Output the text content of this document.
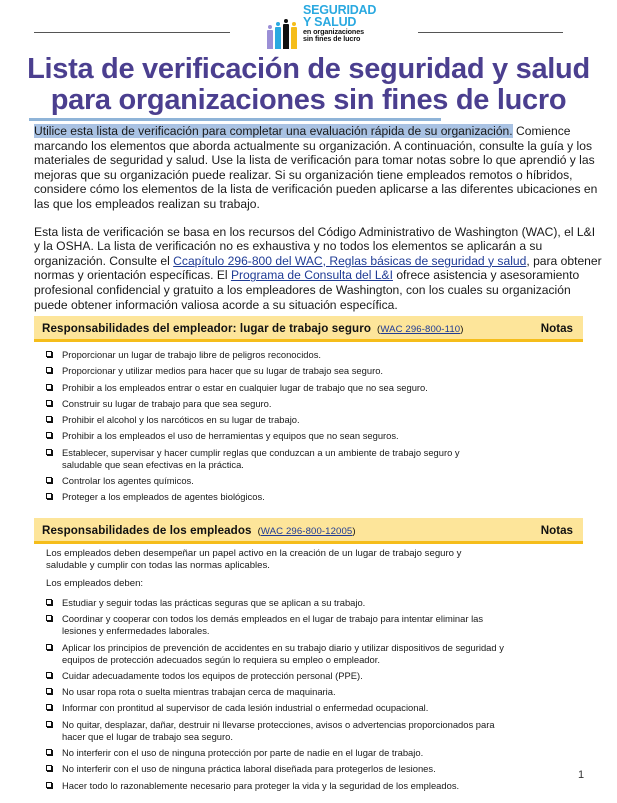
SEGURIDAD
Y SALUD
en organizaciones
sin fines de lucro
Lista de verificación de seguridad y salud
para organizaciones sin fines de lucro

Utilice esta lista de verificación para completar una evaluación rápida de su organización. Comience marcando los elementos que aborda actualmente su organización. A continuación, consulte la guía y los materiales de seguridad y salud. Use la lista de verificación para tomar notas sobre lo que aprendió y las mejoras que su organización puede realizar. Si su organización tiene empleados remotos o híbridos, considere cómo los elementos de la lista de verificación pueden aplicarse a las diferentes ubicaciones en las que los empleados realizan su trabajo.

Esta lista de verificación se basa en los recursos del Código Administrativo de Washington (WAC), el L&I y la OSHA. La lista de verificación no es exhaustiva y no todos los elementos se aplicarán a su organización. Consulte el Ccapítulo 296-800 del WAC, Reglas básicas de seguridad y salud, para obtener normas y orientación específicas. El Programa de Consulta del L&I ofrece asistencia y asesoramiento profesional confidencial y gratuito a los empleadores de Washington, con los cuales su organización puede obtener información valiosa acorde a su situación específica.

Responsabilidades del empleador: lugar de trabajo seguro (WAC 296-800-110)	Notas
Proporcionar un lugar de trabajo libre de peligros reconocidos.
Proporcionar y utilizar medios para hacer que su lugar de trabajo sea seguro.
Prohibir a los empleados entrar o estar en cualquier lugar de trabajo que no sea seguro.
Construir su lugar de trabajo para que sea seguro.
Prohibir el alcohol y los narcóticos en su lugar de trabajo.
Prohibir a los empleados el uso de herramientas y equipos que no sean seguros.
Establecer, supervisar y hacer cumplir reglas que conduzcan a un ambiente de trabajo seguro y saludable que sean efectivas en la práctica.
Controlar los agentes químicos.
Proteger a los empleados de agentes biológicos.
Responsabilidades de los empleados (WAC 296-800-12005)	Notas

Los empleados deben desempeñar un papel activo en la creación de un lugar de trabajo seguro y saludable y cumplir con todas las normas aplicables.

Los empleados deben:
Estudiar y seguir todas las prácticas seguras que se aplican a su trabajo.
Coordinar y cooperar con todos los demás empleados en el lugar de trabajo para intentar eliminar las lesiones y enfermedades laborales.
Aplicar los principios de prevención de accidentes en su trabajo diario y utilizar dispositivos de seguridad y equipos de protección adecuados según lo requiera su empleo o empleador.
Cuidar adecuadamente todos los equipos de protección personal (PPE).
No usar ropa rota o suelta mientras trabajan cerca de maquinaria.
Informar con prontitud al supervisor de cada lesión industrial o enfermedad ocupacional.
No quitar, desplazar, dañar, destruir ni llevarse protecciones, avisos o advertencias proporcionados para hacer que el lugar de trabajo sea seguro.
No interferir con el uso de ninguna protección por parte de nadie en el lugar de trabajo.
No interferir con el uso de ninguna práctica laboral diseñada para protegerlos de lesiones.
Hacer todo lo razonablemente necesario para proteger la vida y la seguridad de los empleados.
1
